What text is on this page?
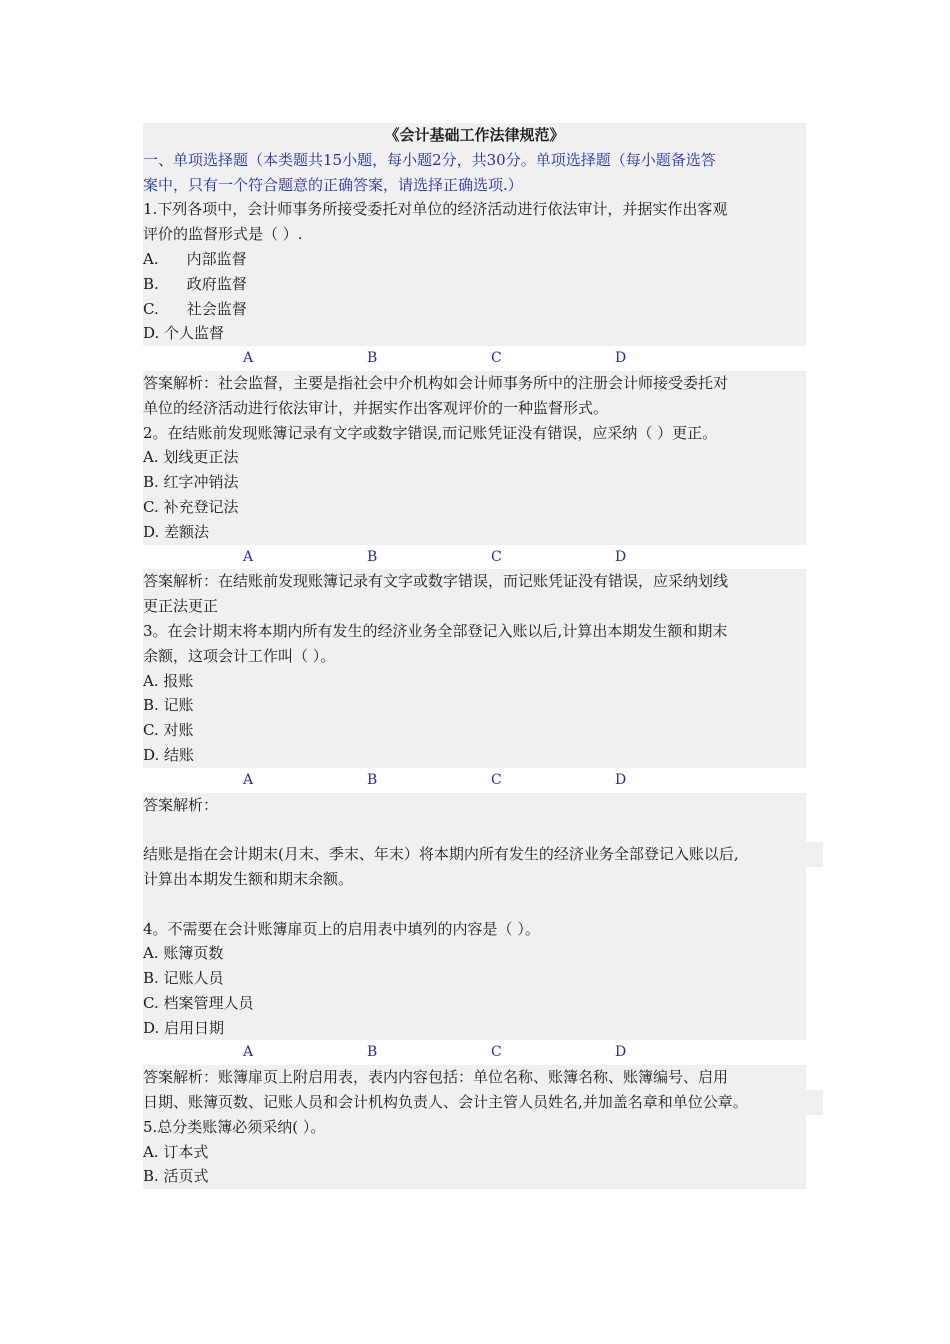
《会计基础工作法律规范》
一、单项选择题（本类题共15小题，每小题2分，共30分。单项选择题（每小题备选答
案中，只有一个符合题意的正确答案，请选择正确选项.）
1.下列各项中，会计师事务所接受委托对单位的经济活动进行依法审计，并据实作出客观
评价的监督形式是（ ）.
A. 内部监督
B. 政府监督
C. 社会监督
D. 个人监督
A	B	C	D
答案解析：社会监督，主要是指社会中介机构如会计师事务所中的注册会计师接受委托对
单位的经济活动进行依法审计，并据实作出客观评价的一种监督形式。
2。在结账前发现账簿记录有文字或数字错误,而记账凭证没有错误，应采纳（ ）更正。
A. 划线更正法
B. 红字冲销法
C. 补充登记法
D. 差额法
A	B	C	D
答案解析：在结账前发现账簿记录有文字或数字错误，而记账凭证没有错误，应采纳划线
更正法更正
3。在会计期末将本期内所有发生的经济业务全部登记入账以后,计算出本期发生额和期末
余额，这项会计工作叫（ ）。
A. 报账
B. 记账
C. 对账
D. 结账
A	B	C	D
答案解析：
结账是指在会计期末(月末、季末、年末）将本期内所有发生的经济业务全部登记入账以后,
计算出本期发生额和期末余额。
4。不需要在会计账簿扉页上的启用表中填列的内容是（ ）。
A. 账簿页数
B. 记账人员
C. 档案管理人员
D. 启用日期
A	B	C	D
答案解析：账簿扉页上附启用表，表内内容包括：单位名称、账簿名称、账簿编号、启用
日期、账簿页数、记账人员和会计机构负责人、会计主管人员姓名,并加盖名章和单位公章。
5.总分类账簿必须采纳( ）。
A. 订本式
B. 活页式
